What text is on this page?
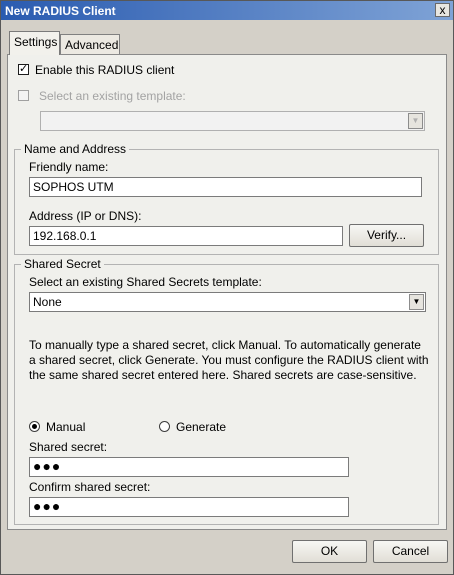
New RADIUS Client	x
Settings Advanced
✓ Enable this RADIUS client
Select an existing template:
▼
Name and Address
Friendly name:
SOPHOS UTM
Address (IP or DNS):
192.168.0.1	Verify...
Shared Secret
Select an existing Shared Secrets template:
None	▼
To manually type a shared secret, click Manual. To automatically generate a shared secret, click Generate. You must configure the RADIUS client with the same shared secret entered here. Shared secrets are case-sensitive.
Manual	Generate
Shared secret:
●●●
Confirm shared secret:
●●●
OK	Cancel
